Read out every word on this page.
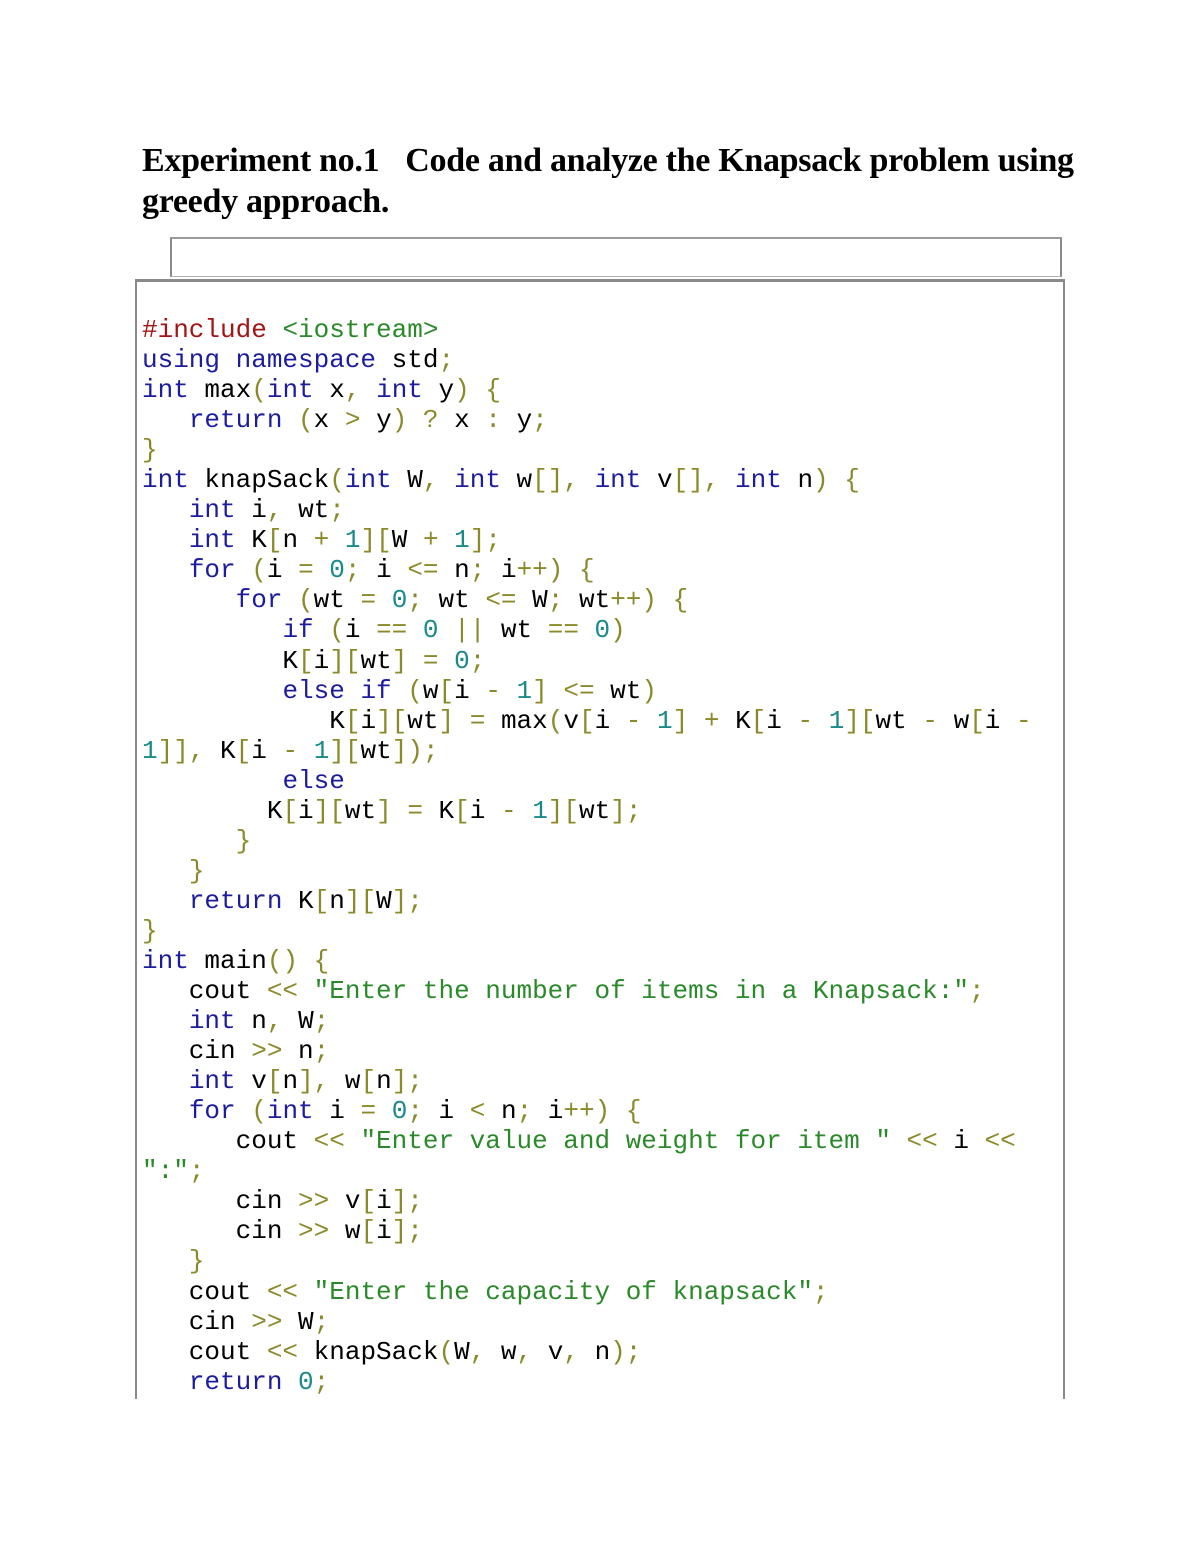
Experiment no.1 Code and analyze the Knapsack problem using greedy approach.
#include <iostream>
using namespace std;
int max(int x, int y) {
return (x > y) ? x : y;
}
int knapSack(int W, int w[], int v[], int n) {
int i, wt;
int K[n + 1][W + 1];
for (i = 0; i <= n; i++) {
for (wt = 0; wt <= W; wt++) {
if (i == 0 || wt == 0)
K[i][wt] = 0;
else if (w[i - 1] <= wt)
K[i][wt] = max(v[i - 1] + K[i - 1][wt - w[i -
1]], K[i - 1][wt]);
else
K[i][wt] = K[i - 1][wt];
}
}
return K[n][W];
}
int main() {
cout << "Enter the number of items in a Knapsack:";
int n, W;
cin >> n;
int v[n], w[n];
for (int i = 0; i < n; i++) {
cout << "Enter value and weight for item " << i <<
":";
cin >> v[i];
cin >> w[i];
}
cout << "Enter the capacity of knapsack";
cin >> W;
cout << knapSack(W, w, v, n);
return 0;
